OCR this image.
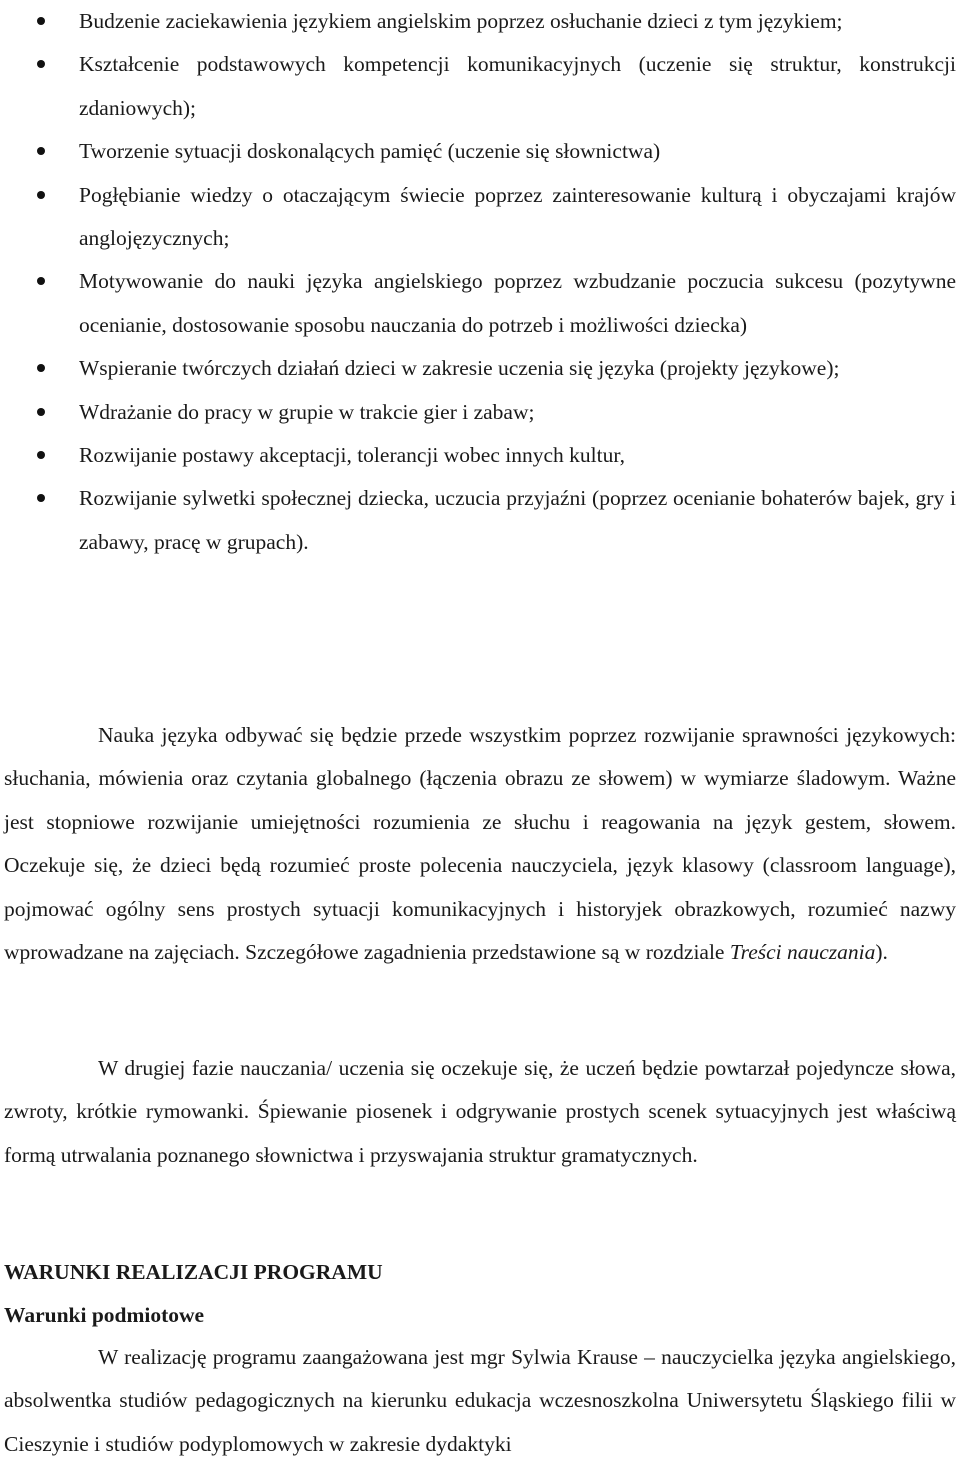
Budzenie zaciekawienia językiem angielskim poprzez osłuchanie dzieci z tym językiem;
Kształcenie podstawowych kompetencji komunikacyjnych (uczenie się struktur, konstrukcji zdaniowych);
Tworzenie sytuacji doskonalących pamięć (uczenie się słownictwa)
Pogłębianie wiedzy o otaczającym świecie poprzez zainteresowanie kulturą i obyczajami krajów anglojęzycznych;
Motywowanie do nauki języka angielskiego poprzez wzbudzanie poczucia sukcesu (pozytywne ocenianie, dostosowanie sposobu nauczania do potrzeb i możliwości dziecka)
Wspieranie twórczych działań dzieci w zakresie uczenia się języka (projekty językowe);
Wdrażanie do pracy w grupie w trakcie gier i zabaw;
Rozwijanie postawy akceptacji, tolerancji wobec innych kultur,
Rozwijanie sylwetki społecznej dziecka, uczucia przyjaźni (poprzez ocenianie bohaterów bajek, gry i zabawy, pracę w grupach).

Nauka języka odbywać się będzie przede wszystkim poprzez rozwijanie sprawności językowych: słuchania, mówienia oraz czytania globalnego (łączenia obrazu ze słowem) w wymiarze śladowym. Ważne jest stopniowe rozwijanie umiejętności rozumienia ze słuchu i reagowania na język gestem, słowem. Oczekuje się, że dzieci będą rozumieć proste polecenia nauczyciela, język klasowy (classroom language), pojmować ogólny sens prostych sytuacji komunikacyjnych i historyjek obrazkowych, rozumieć nazwy wprowadzane na zajęciach. Szczegółowe zagadnienia przedstawione są w rozdziale Treści nauczania).

W drugiej fazie nauczania/ uczenia się oczekuje się, że uczeń będzie powtarzał pojedyncze słowa, zwroty, krótkie rymowanki. Śpiewanie piosenek i odgrywanie prostych scenek sytuacyjnych jest właściwą formą utrwalania poznanego słownictwa i przyswajania struktur gramatycznych.

WARUNKI REALIZACJI PROGRAMU
Warunki podmiotowe

W realizację programu zaangażowana jest mgr Sylwia Krause – nauczycielka języka angielskiego, absolwentka studiów pedagogicznych na kierunku edukacja wczesnoszkolna Uniwersytetu Śląskiego filii w Cieszynie i studiów podyplomowych w zakresie dydaktyki
